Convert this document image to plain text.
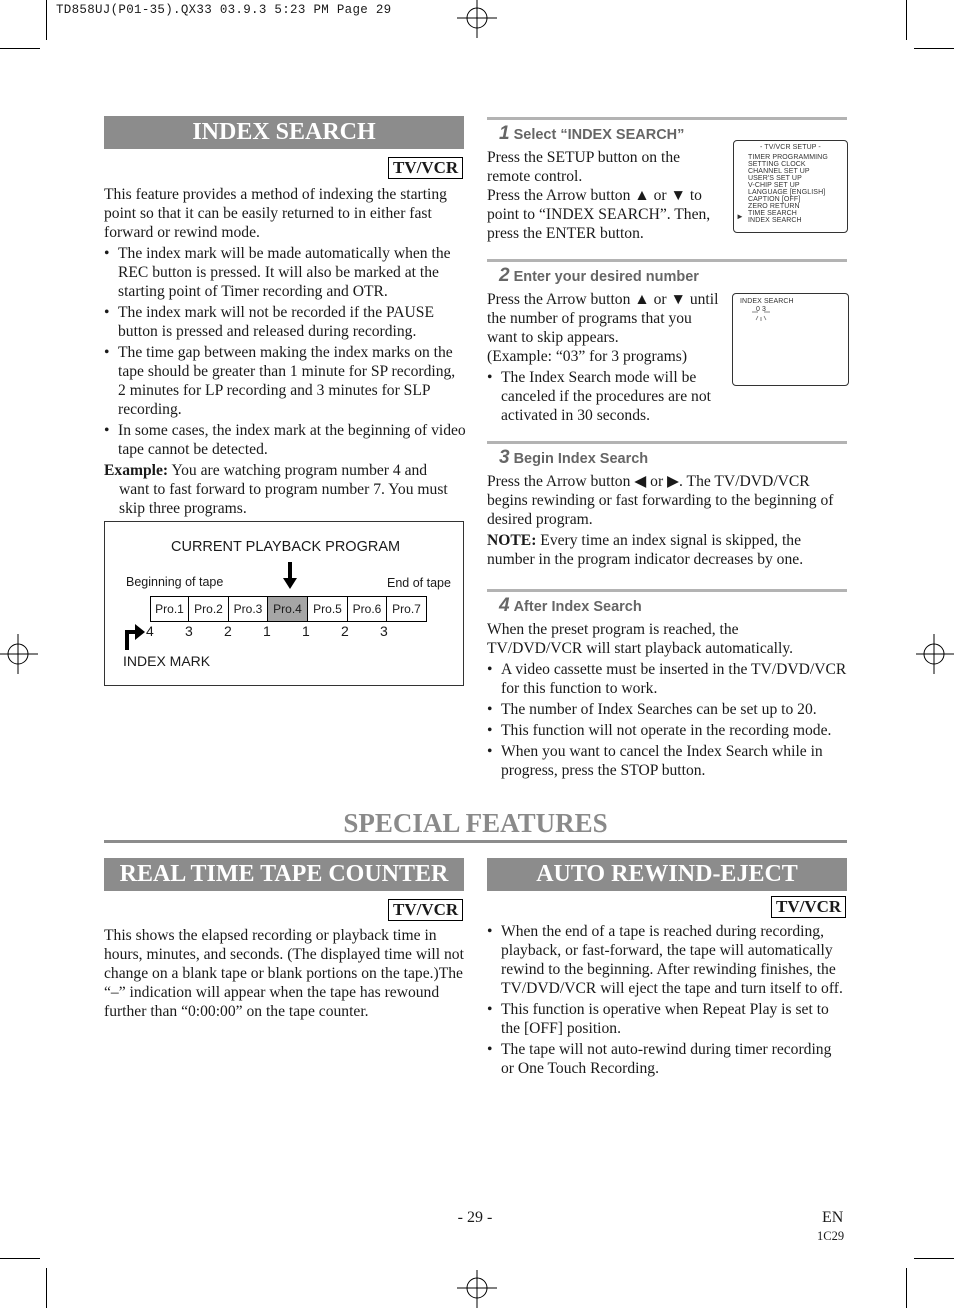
TD858UJ(P01-35).QX33 03.9.3 5:23 PM Page 29
INDEX SEARCH
TV/VCR

This feature provides a method of indexing the starting point so that it can be easily returned to in either fast forward or rewind mode.

• The index mark will be made automatically when the REC button is pressed. It will also be marked at the starting point of Timer recording and OTR.
• The index mark will not be recorded if the PAUSE button is pressed and released during recording.
• The time gap between making the index marks on the tape should be greater than 1 minute for SP recording, 2 minutes for LP recording and 3 minutes for SLP recording.
• In some cases, the index mark at the beginning of video tape cannot be detected.
Example: You are watching program number 4 and
want to fast forward to program number 7. You must skip three programs.
CURRENT PLAYBACK PROGRAM
Beginning of tape	End of tape
Pro.1 Pro.2 Pro.3 Pro.4 Pro.5 Pro.6 Pro.7
4 3 2 1 1 2 3
INDEX MARK
1 Select “INDEX SEARCH”
Press the SETUP button on the
remote control.
Press the Arrow button ▲ or ▼ to
point to “INDEX SEARCH”. Then,
press the ENTER button.
- TV/VCR SETUP -
TIMER PROGRAMMING
SETTING CLOCK
CHANNEL SET UP
USER'S SET UP
V-CHIP SET UP
LANGUAGE [ENGLISH]
CAPTION [OFF]
ZERO RETURN
TIME SEARCH
INDEX SEARCH
►
2 Enter your desired number
Press the Arrow button ▲ or ▼ until
the number of programs that you
want to skip appears.
(Example: “03” for 3 programs)
• The Index Search mode will be canceled if the procedures are not activated in 30 seconds.
INDEX SEARCH
0 3
3 Begin Index Search

Press the Arrow button ◀ or ▶. The TV/DVD/VCR begins rewinding or fast forwarding to the beginning of desired program.

NOTE: Every time an index signal is skipped, the number in the program indicator decreases by one.

4 After Index Search

When the preset program is reached, the TV/DVD/VCR will start playback automatically.

• A video cassette must be inserted in the TV/DVD/VCR for this function to work.
• The number of Index Searches can be set up to 20.
• This function will not operate in the recording mode.
• When you want to cancel the Index Search while in progress, press the STOP button.
SPECIAL FEATURES
REAL TIME TAPE COUNTER
TV/VCR
This shows the elapsed recording or playback time in hours, minutes, and seconds. (The displayed time will not change on a blank tape or blank portions on the tape.)The “–” indication will appear when the tape has rewound further than “0:00:00” on the tape counter.
AUTO REWIND-EJECT
TV/VCR
• When the end of a tape is reached during recording, playback, or fast-forward, the tape will automatically rewind to the beginning. After rewinding finishes, the TV/DVD/VCR will eject the tape and turn itself to off.
• This function is operative when Repeat Play is set to the [OFF] position.
• The tape will not auto-rewind during timer recording or One Touch Recording.
- 29 -	EN
1C29
